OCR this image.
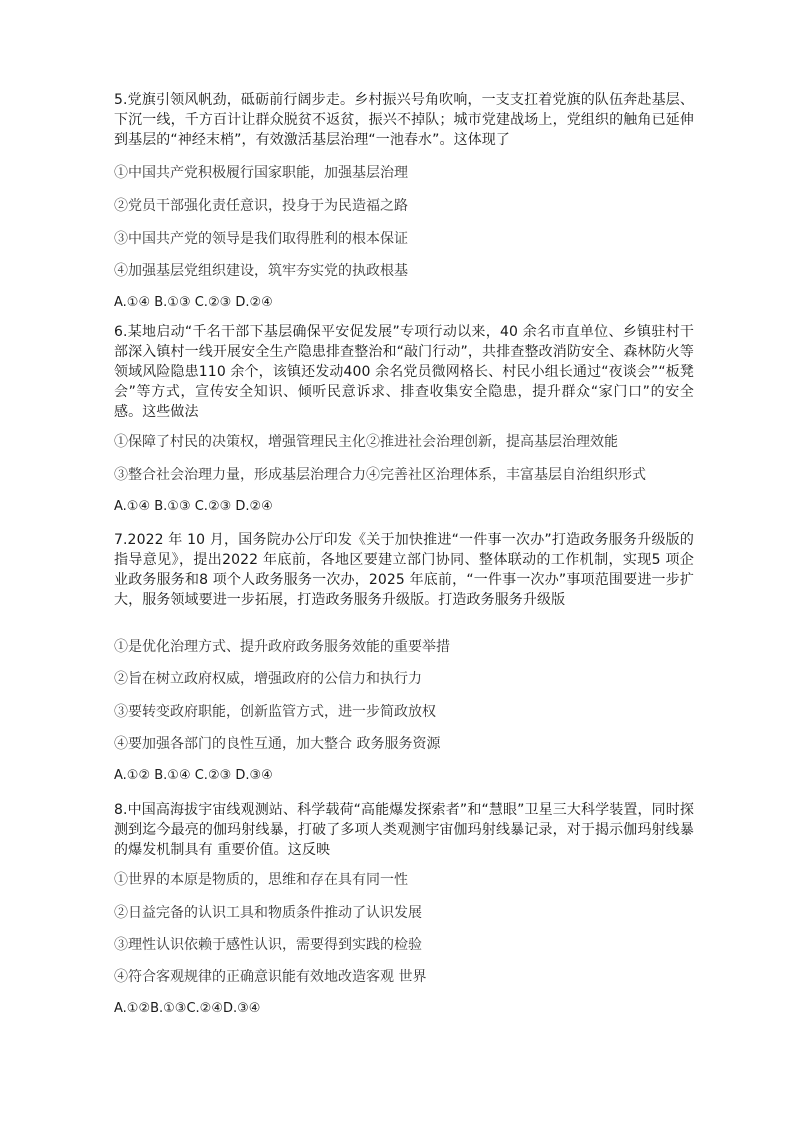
5.党旗引领风帆劲，砥砺前行阔步走。乡村振兴号角吹响，一支支扛着党旗的队伍奔赴基层、下沉一线，千方百计让群众脱贫不返贫，振兴不掉队；城市党建战场上，党组织的触角已延伸到基层的“神经末梢”，有效激活基层治理“一池春水”。这体现了

①中国共产党积极履行国家职能，加强基层治理

②党员干部强化责任意识，投身于为民造福之路

③中国共产党的领导是我们取得胜利的根本保证

④加强基层党组织建设，筑牢夯实党的执政根基

A.①④ B.①③ C.②③ D.②④

6.某地启动“千名干部下基层确保平安促发展”专项行动以来，40 余名市直单位、乡镇驻村干部深入镇村一线开展安全生产隐患排查整治和“敲门行动”，共排查整改消防安全、森林防火等领域风险隐患110 余个，该镇还发动400 余名党员微网格长、村民小组长通过“夜谈会”“板凳会”等方式，宣传安全知识、倾听民意诉求、排查收集安全隐患，提升群众“家门口”的安全感。这些做法

①保障了村民的决策权，增强管理民主化②推进社会治理创新，提高基层治理效能

③整合社会治理力量，形成基层治理合力④完善社区治理体系，丰富基层自治组织形式

A.①④ B.①③ C.②③ D.②④

7.2022 年 10 月，国务院办公厅印发《关于加快推进“一件事一次办”打造政务服务升级版的指导意见》，提出2022 年底前，各地区要建立部门协同、整体联动的工作机制，实现5 项企业政务服务和8 项个人政务服务一次办，2025 年底前，“一件事一次办”事项范围要进一步扩大，服务领域要进一步拓展，打造政务服务升级版。打造政务服务升级版

①是优化治理方式、提升政府政务服务效能的重要举措

②旨在树立政府权威，增强政府的公信力和执行力

③要转变政府职能，创新监管方式，进一步简政放权

④要加强各部门的良性互通，加大整合 政务服务资源

A.①② B.①④ C.②③ D.③④

8.中国高海拔宇宙线观测站、科学载荷“高能爆发探索者”和“慧眼”卫星三大科学装置，同时探测到迄今最亮的伽玛射线暴，打破了多项人类观测宇宙伽玛射线暴记录，对于揭示伽玛射线暴的爆发机制具有 重要价值。这反映

①世界的本原是物质的，思维和存在具有同一性

②日益完备的认识工具和物质条件推动了认识发展

③理性认识依赖于感性认识，需要得到实践的检验

④符合客观规律的正确意识能有效地改造客观 世界

A.①②B.①③C.②④D.③④
